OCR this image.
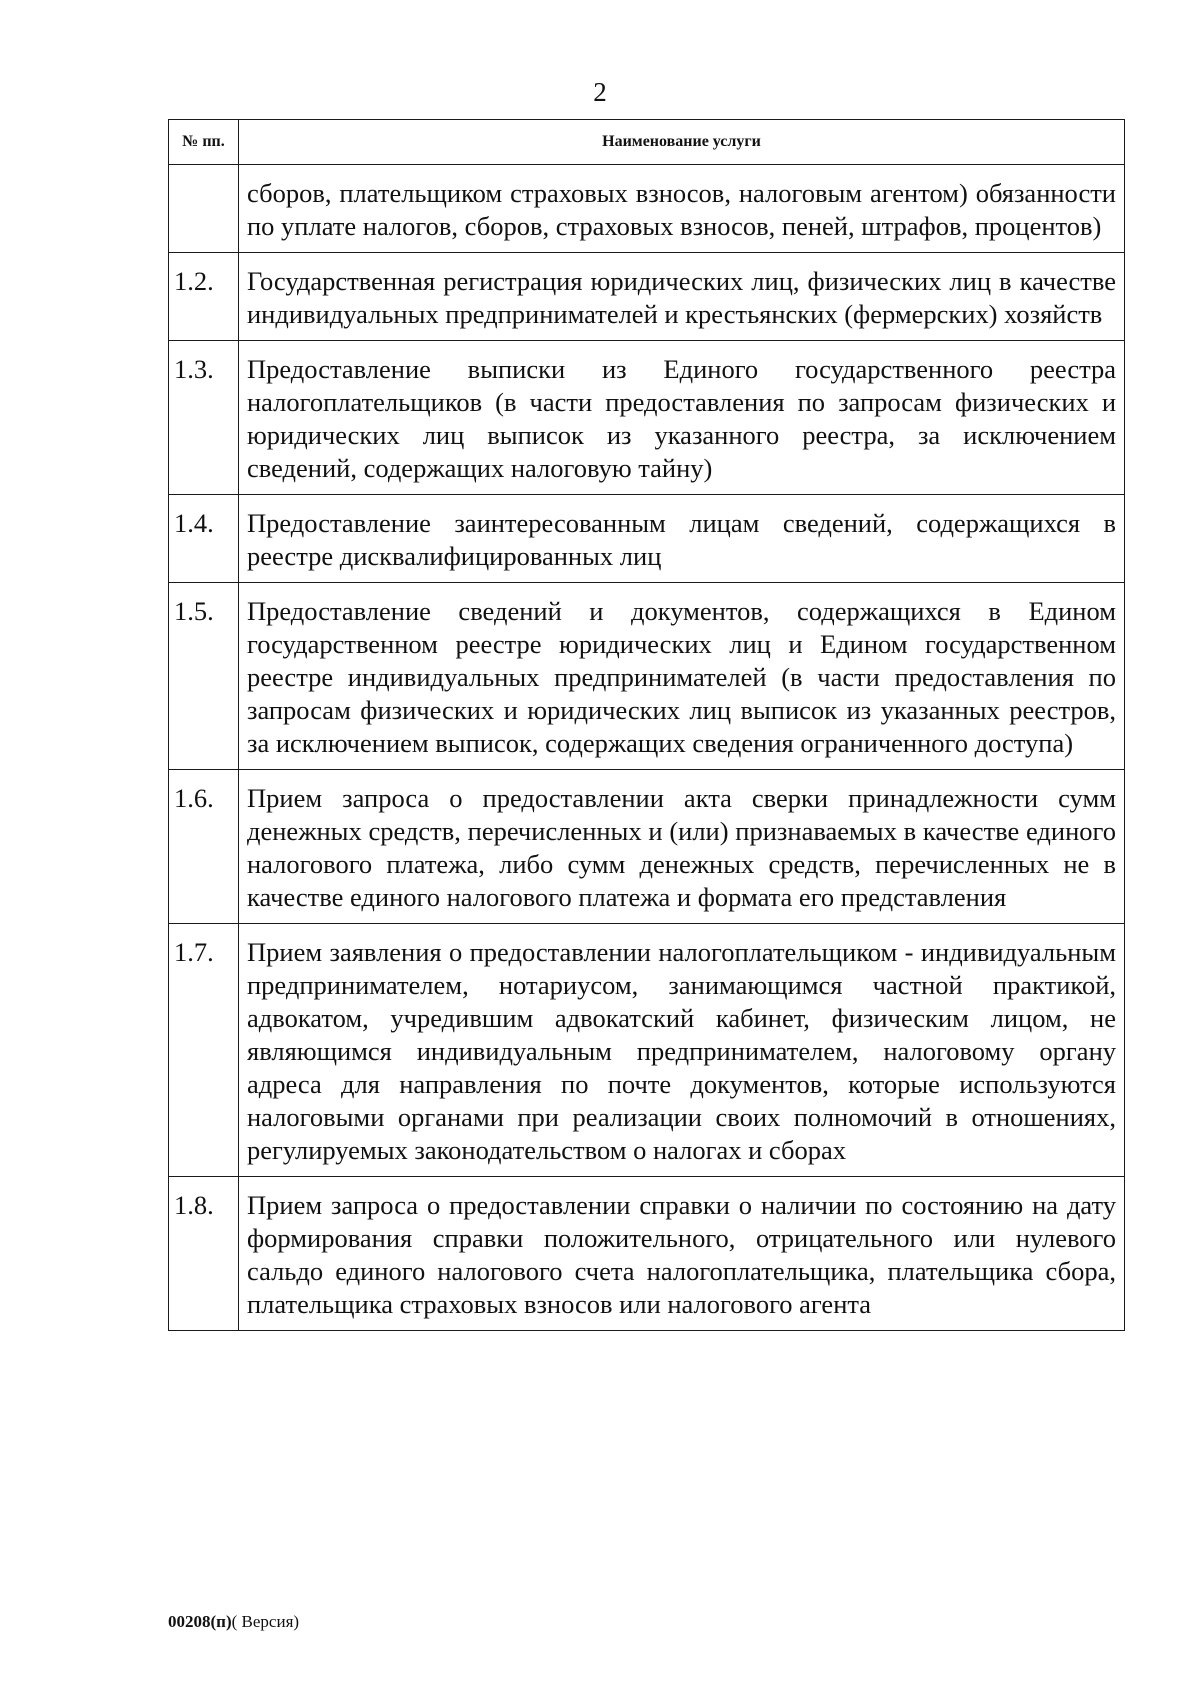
2
№ пп.	Наименование услуги
	сборов, плательщиком страховых взносов, налоговым агентом) обязанности по уплате налогов, сборов, страховых взносов, пеней, штрафов, процентов)
1.2.	Государственная регистрация юридических лиц, физических лиц в качестве индивидуальных предпринимателей и крестьянских (фермерских) хозяйств
1.3.	Предоставление выписки из Единого государственного реестра налогоплательщиков (в части предоставления по запросам физических и юридических лиц выписок из указанного реестра, за исключением сведений, содержащих налоговую тайну)
1.4.	Предоставление заинтересованным лицам сведений, содержащихся в реестре дисквалифицированных лиц
1.5.	Предоставление сведений и документов, содержащихся в Едином государственном реестре юридических лиц и Едином государственном реестре индивидуальных предпринимателей (в части предоставления по запросам физических и юридических лиц выписок из указанных реестров, за исключением выписок, содержащих сведения ограниченного доступа)
1.6.	Прием запроса о предоставлении акта сверки принадлежности сумм денежных средств, перечисленных и (или) признаваемых в качестве единого налогового платежа, либо сумм денежных средств, перечисленных не в качестве единого налогового платежа и формата его представления
1.7.	Прием заявления о предоставлении налогоплательщиком - индивидуальным предпринимателем, нотариусом, занимающимся частной практикой, адвокатом, учредившим адвокатский кабинет, физическим лицом, не являющимся индивидуальным предпринимателем, налоговому органу адреса для направления по почте документов, которые используются налоговыми органами при реализации своих полномочий в отношениях, регулируемых законодательством о налогах и сборах
1.8.	Прием запроса о предоставлении справки о наличии по состоянию на дату формирования справки положительного, отрицательного или нулевого сальдо единого налогового счета налогоплательщика, плательщика сбора, плательщика страховых взносов или налогового агента
00208(п)( Версия)
